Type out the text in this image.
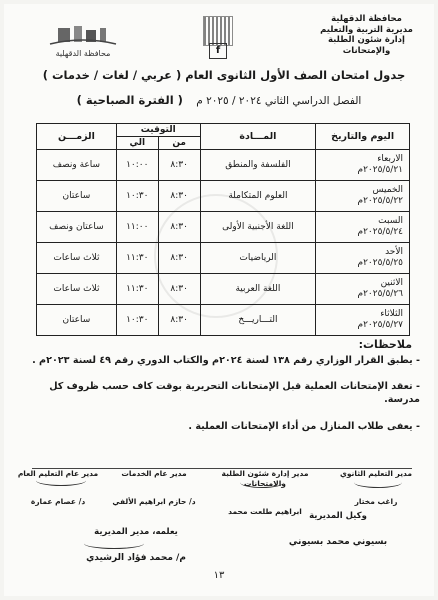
محافظة الدقهلية
مديرية التربية والتعليم
إدارة شئون الطلبة والإمتحانات
محافظة الدقهلية	f
جدول امتحان الصف الأول الثانوى العام ( عربي / لغات / خدمات )
الفصل الدراسي الثاني ٢٠٢٤ / ٢٠٢٥ م    ( الفترة الصباحية )
اليوم والتاريخ	المـــادة	التوقيت		الزمـــن
		من	الي	

الاربعاء
٢٠٢٥/٥/٢١م	الفلسفة والمنطق	٨:٣٠	١٠:٠٠	ساعة ونصف

الخميس
٢٠٢٥/٥/٢٢م	العلوم المتكاملة	٨:٣٠	١٠:٣٠	ساعتان

السبت
٢٠٢٥/٥/٢٤م	اللغة الأجنبية الأولى	٨:٣٠	١١:٠٠	ساعتان ونصف

الأحد
٢٠٢٥/٥/٢٥م	الرياضيات	٨:٣٠	١١:٣٠	ثلاث ساعات

الاثنين
٢٠٢٥/٥/٢٦م	اللغة العربية	٨:٣٠	١١:٣٠	ثلاث ساعات

الثلاثاء
٢٠٢٥/٥/٢٧م	التـــاريـــخ	٨:٣٠	١٠:٣٠	ساعتان
ملاحظات:
- يطبق القرار الوزاري رقم ١٣٨ لسنة ٢٠٢٤م والكتاب الدوري رقم ٤٩ لسنة ٢٠٢٣م .
- تعقد الإمتحانات العملية قبل الإمتحانات التحريرية بوقت كاف حسب ظروف كل مدرسة.
- يعفى طلاب المنازل من أداء الإمتحانات العملية .
مدير التعليم الثانوي
راغب مختار
مدير إدارة شئون الطلبة والامتحانات
ابراهيم طلعت محمد
مدير عام الخدمات
د/ حازم ابراهيم الألفي
مدير عام التعليم العام
د/ عصام عمارة
وكيل المديرية
بسيوني محمد بسيوني
يعلمه، مدير المديرية
م/ محمد فؤاد الرشيدي
١٣
